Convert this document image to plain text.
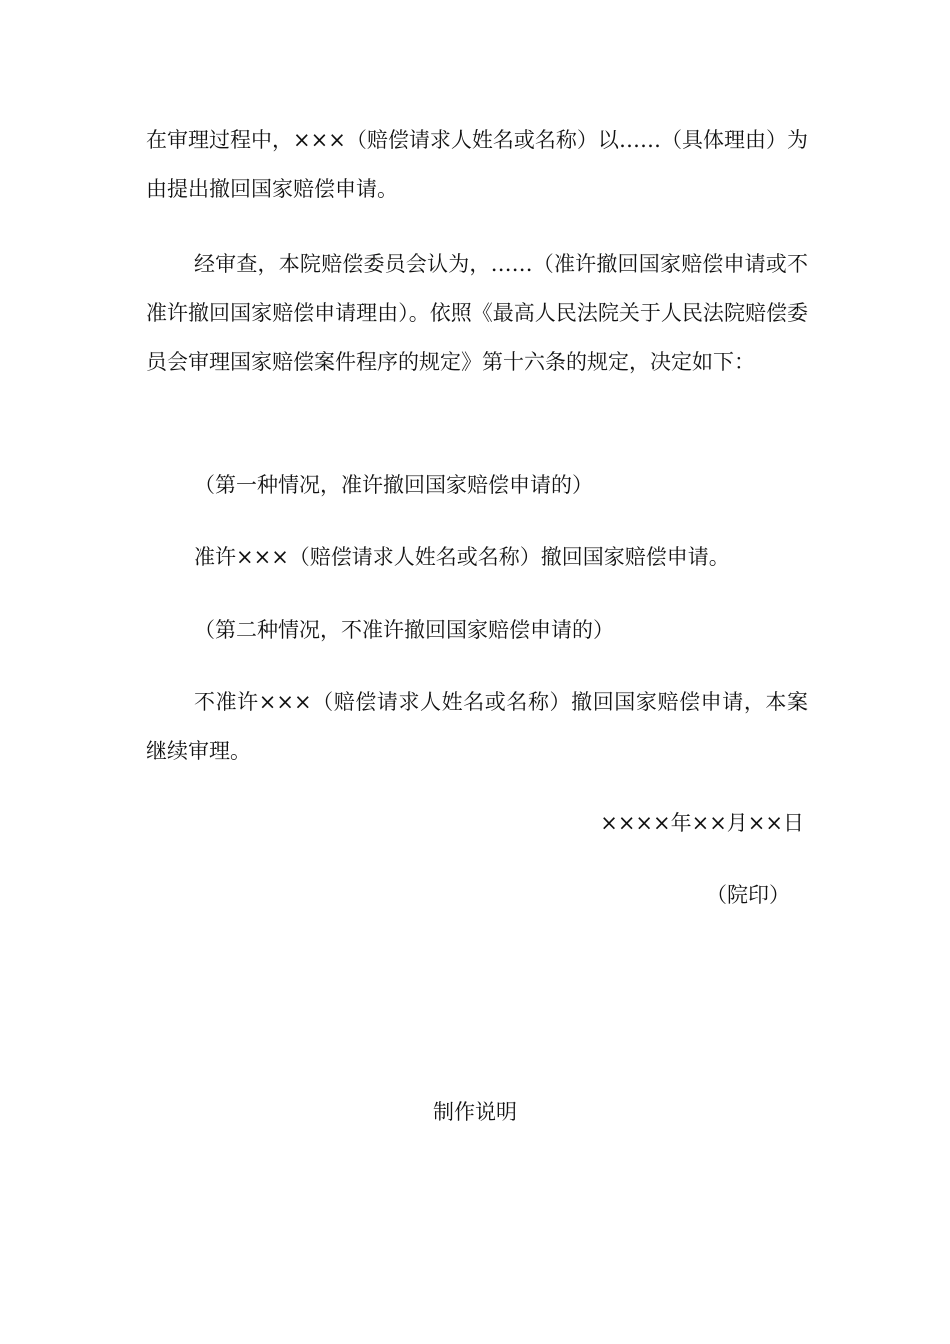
在审理过程中，×××（赔偿请求人姓名或名称）以……（具体理由）为由提出撤回国家赔偿申请。

经审查，本院赔偿委员会认为，……（准许撤回国家赔偿申请或不准许撤回国家赔偿申请理由）。依照《最高人民法院关于人民法院赔偿委员会审理国家赔偿案件程序的规定》第十六条的规定，决定如下：

（第一种情况，准许撤回国家赔偿申请的）

准许×××（赔偿请求人姓名或名称）撤回国家赔偿申请。

（第二种情况，不准许撤回国家赔偿申请的）

不准许×××（赔偿请求人姓名或名称）撤回国家赔偿申请，本案继续审理。

××××年××月××日

（院印）

制作说明
